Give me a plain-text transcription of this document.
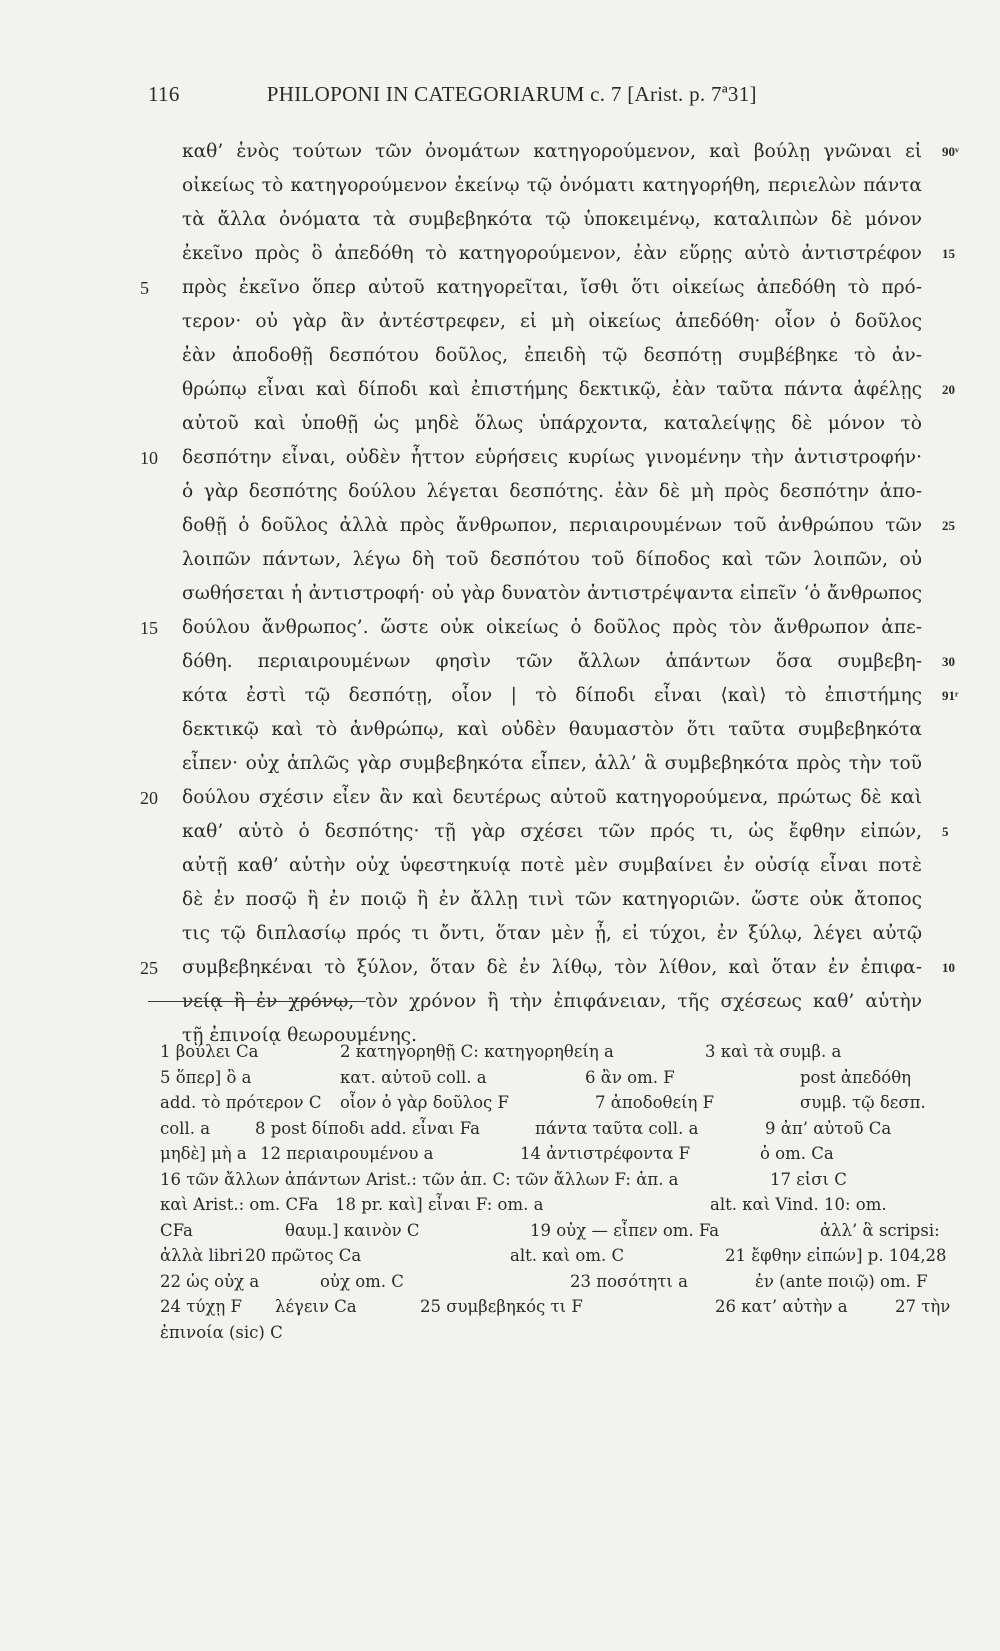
116	PHILOPONI IN CATEGORIARUM c. 7 [Arist. p. 7ª31]
καθ’ ἑνὸς τούτων τῶν ὀνομάτων κατηγορούμενον, καὶ βούλῃ γνῶναι εἰ 90ᵛ
οἰκείως τὸ κατηγορούμενον ἐκείνῳ τῷ ὀνόματι κατηγορήθη, περιελὼν πάντα
τὰ ἄλλα ὀνόματα τὰ συμβεβηκότα τῷ ὑποκειμένῳ, καταλιπὼν δὲ μόνον
ἐκεῖνο πρὸς ὃ ἀπεδόθη τὸ κατηγορούμενον, ἐὰν εὕρῃς αὐτὸ ἀντιστρέφον 15
5 πρὸς ἐκεῖνο ὅπερ αὐτοῦ κατηγορεῖται, ἴσθι ὅτι οἰκείως ἀπεδόθη τὸ πρό-
τερον· οὐ γὰρ ἂν ἀντέστρεφεν, εἰ μὴ οἰκείως ἀπεδόθη· οἷον ὁ δοῦλος
ἐὰν ἀποδοθῇ δεσπότου δοῦλος, ἐπειδὴ τῷ δεσπότῃ συμβέβηκε τὸ ἀν-
θρώπῳ εἶναι καὶ δίποδι καὶ ἐπιστήμης δεκτικῷ, ἐὰν ταῦτα πάντα ἀφέλῃς 20
αὐτοῦ καὶ ὑποθῇ ὡς μηδὲ ὅλως ὑπάρχοντα, καταλείψῃς δὲ μόνον τὸ
10 δεσπότην εἶναι, οὐδὲν ἧττον εὑρήσεις κυρίως γινομένην τὴν ἀντιστροφήν·
ὁ γὰρ δεσπότης δούλου λέγεται δεσπότης. ἐὰν δὲ μὴ πρὸς δεσπότην ἀπο-
δοθῇ ὁ δοῦλος ἀλλὰ πρὸς ἄνθρωπον, περιαιρουμένων τοῦ ἀνθρώπου τῶν 25
λοιπῶν πάντων, λέγω δὴ τοῦ δεσπότου τοῦ δίποδος καὶ τῶν λοιπῶν, οὐ
σωθήσεται ἡ ἀντιστροφή· οὐ γὰρ δυνατὸν ἀντιστρέψαντα εἰπεῖν ‘ὁ ἄνθρωπος
15 δούλου ἄνθρωπος’. ὥστε οὐκ οἰκείως ὁ δοῦλος πρὸς τὸν ἄνθρωπον ἀπε-
δόθη. περιαιρουμένων φησὶν τῶν ἄλλων ἁπάντων ὅσα συμβεβη- 30
κότα ἐστὶ τῷ δεσπότῃ, οἷον | τὸ δίποδι εἶναι ⟨καὶ⟩ τὸ ἐπιστήμης 91ʳ
δεκτικῷ καὶ τὸ ἀνθρώπῳ, καὶ οὐδὲν θαυμαστὸν ὅτι ταῦτα συμβεβηκότα
εἶπεν· οὐχ ἁπλῶς γὰρ συμβεβηκότα εἶπεν, ἀλλ’ ἃ συμβεβηκότα πρὸς τὴν τοῦ
20 δούλου σχέσιν εἶεν ἂν καὶ δευτέρως αὐτοῦ κατηγορούμενα, πρώτως δὲ καὶ
καθ’ αὑτὸ ὁ δεσπότης· τῇ γὰρ σχέσει τῶν πρός τι, ὡς ἔφθην εἰπών, 5
αὐτῇ καθ’ αὑτὴν οὐχ ὑφεστηκυίᾳ ποτὲ μὲν συμβαίνει ἐν οὐσίᾳ εἶναι ποτὲ
δὲ ἐν ποσῷ ἢ ἐν ποιῷ ἢ ἐν ἄλλῃ τινὶ τῶν κατηγοριῶν. ὥστε οὐκ ἄτοπος
τις τῷ διπλασίῳ πρός τι ὄντι, ὅταν μὲν ᾖ, εἰ τύχοι, ἐν ξύλῳ, λέγει αὐτῷ
25 συμβεβηκέναι τὸ ξύλον, ὅταν δὲ ἐν λίθῳ, τὸν λίθον, καὶ ὅταν ἐν ἐπιφα- 10
νείᾳ ἢ ἐν χρόνῳ, τὸν χρόνον ἢ τὴν ἐπιφάνειαν, τῆς σχέσεως καθ’ αὑτὴν
τῇ ἐπινοίᾳ θεωρουμένης.
1 βούλει Ca	2 κατηγορηθῇ C: κατηγορηθείη a	3 καὶ τὰ συμβ. a
5 ὅπερ] ὃ a	κατ. αὐτοῦ coll. a	6 ἂν om. F	post ἀπεδόθη
add. τὸ πρότερον C οἷον ὁ γὰρ δοῦλος F	7 ἀποδοθείη F	συμβ. τῷ δεσπ.
coll. a	8 post δίποδι add. εἶναι Fa	πάντα ταῦτα coll. a	9 ἀπ’ αὐτοῦ Ca
μηδὲ] μὴ a 12 περιαιρουμένου a	14 ἀντιστρέφοντα F	ὁ om. Ca
16 τῶν ἄλλων ἁπάντων Arist.: τῶν ἁπ. C: τῶν ἄλλων F: ἁπ. a	17 εἰσι C
καὶ Arist.: om. CFa 18 pr. καὶ] εἶναι F: om. a	alt. καὶ Vind. 10: om.
CFa	θαυμ.] καινὸν C	19 οὐχ — εἶπεν om. Fa	ἀλλ’ ἃ scripsi:
ἀλλὰ libri 20 πρῶτος Ca	alt. καὶ om. C	21 ἔφθην εἰπών] p. 104,28
22 ὡς οὐχ a	οὐχ om. C	23 ποσότητι a	ἐν (ante ποιῷ) om. F
24 τύχῃ F λέγειν Ca	25 συμβεβηκός τι F	26 κατ’ αὐτὴν a	27 τὴν
ἐπινοία (sic) C
